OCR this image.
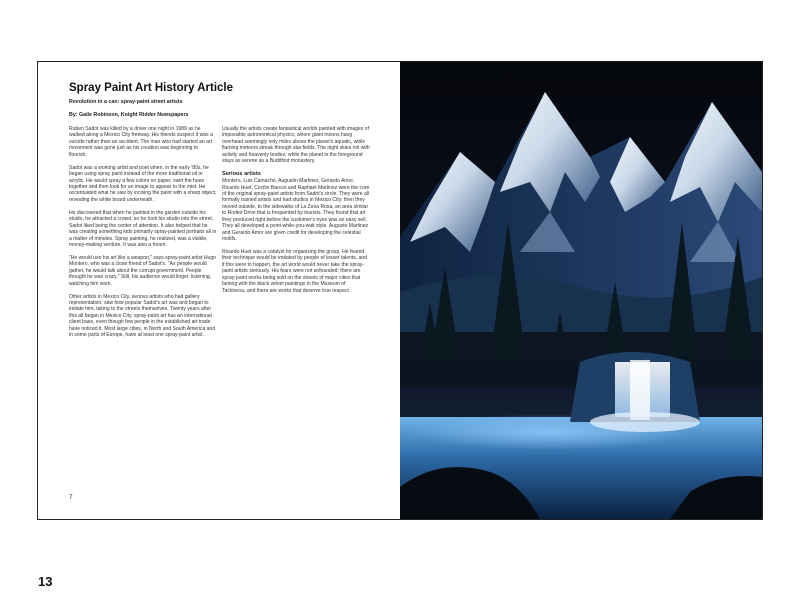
Spray Paint Art History Article
Revolution in a can: spray-paint street artists
By: Gaile Robinson, Knight Ridder Newspapers

Ruben Sadot was killed by a driver one night in 1989 as he walked along a Mexico City freeway. His friends suspect it was a suicide rather than an accident. The man who had started an art movement was gone just as his creation was beginning to flourish.

Sadot was a working artist and poet when, in the early '80s, he began using spray paint instead of the more traditional oil or acrylic. He would spray a few colors on paper, swirl the hues together and then look for an image to appear to the mist. He accentuated what he saw by incising the paint with a sharp object, revealing the white board underneath.

He discovered that when he painted in the garden outside his studio, he attracted a crowd, so he took his studio into the street. Sadot liked being the center of attention. It also helped that he was creating something kids primarily spray-painted portraits all in a matter of minutes. Spray painting, he realized, was a visible, money-making venture. It was also a forum.

"He would use his art like a weapon," says spray-paint artist Hugo Montero, who was a close friend of Sadot's. "As people would gather, he would talk about the corrupt government. People thought he was crazy." Still, his audience would linger, listening, watching him work.

Other artists in Mexico City, serious artists who had gallery representation, saw how popular Sadot's art was and began to imitate him, taking to the streets themselves. Twenty years after this all began in Mexico City, spray-paint art has an international client base, even though few people in the established art trade have noticed it. Most large cities, in North and South America and in some parts of Europe, have at least one spray-paint artist.

Usually the artists create fantastical worlds painted with images of impossible astronomical physics, where giant moons hang overhead seemingly only miles above the planet's aquatic, while flaming meteors streak through star fields. The night skies roil with activity and heavenly bodies, while the planet in the foreground stays as serene as a Buddhist monastery.

Serious artists

Montero, Luis Camacho, Augustin Martinez, Gerardo Amor, Ricardo Huet, Cecilio Barcos and Raphael Martinez were the core of the original spray-paint artists from Sadot's circle. They were all formally trained artists and had studios in Mexico City; then they moved outside, to the sidewalks of La Zona Rosa, an area similar to Rodeo Drive that is frequented by tourists. They found that art they produced right before the customer's eyes was an easy sell. They all developed a point-while-you-wait style. Augusto Martinez and Gerardo Amor are given credit for developing the celestial motifs.

Ricardo Huet was a catalyst for organizing the group. He feared their technique would be imitated by people of lesser talents, and if this were to happen, the art world would never take the spray-paint artists seriously. His fears were not unfounded; there are spray-paint works being sold on the streets of major cities that belong with the black velvet paintings in the Museum of Tackiness, and there are works that deserve true respect.

7
13
